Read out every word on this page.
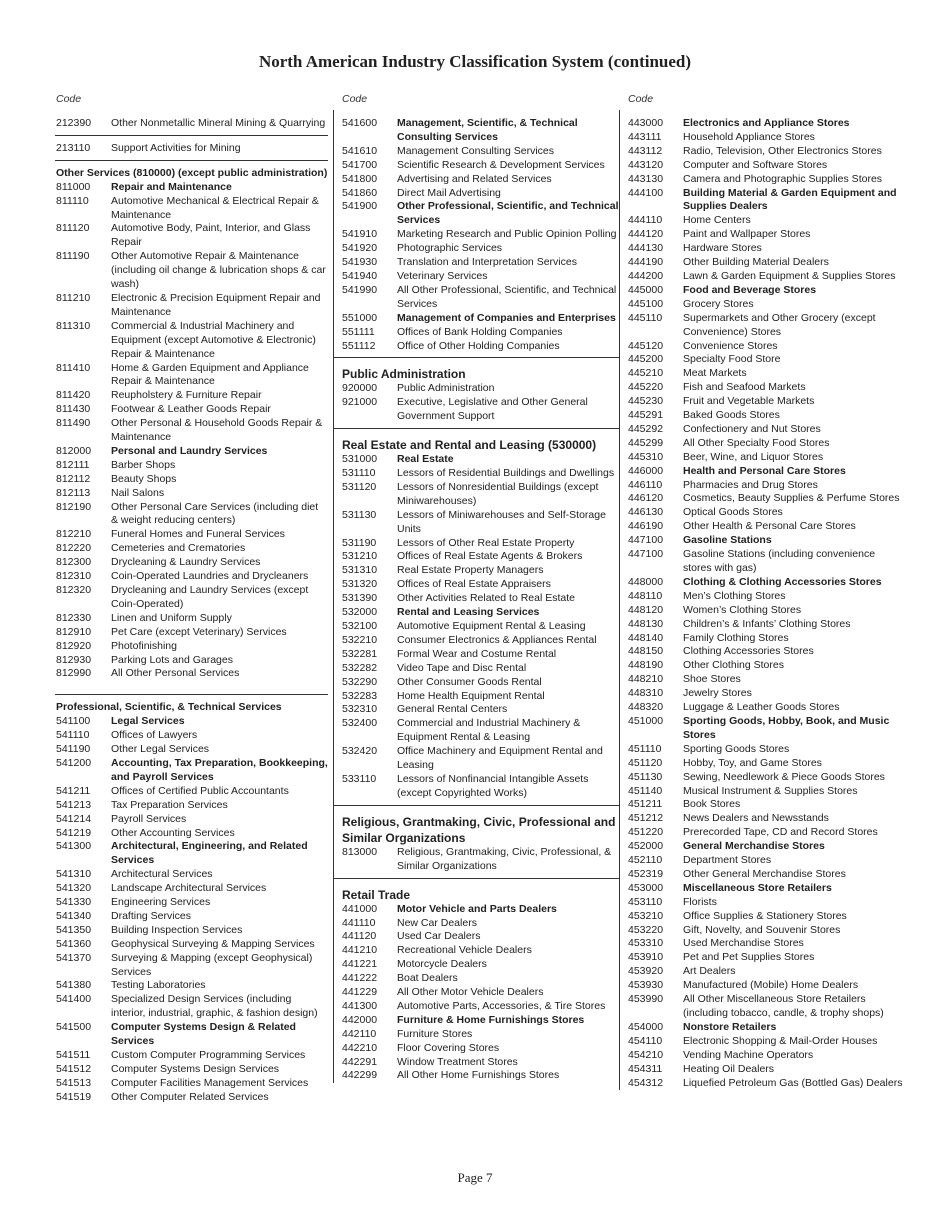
North American Industry Classification System (continued)
Code
212390	Other Nonmetallic Mineral Mining & Quarrying
213110	Support Activities for Mining
Other Services (810000) (except public administration)
811000	Repair and Maintenance
811110	Automotive Mechanical & Electrical Repair & Maintenance
811120	Automotive Body, Paint, Interior, and Glass Repair
811190	Other Automotive Repair & Maintenance (including oil change & lubrication shops & car wash)
811210	Electronic & Precision Equipment Repair and Maintenance
811310	Commercial & Industrial Machinery and Equipment (except Automotive & Electronic) Repair & Maintenance
811410	Home & Garden Equipment and Appliance Repair & Maintenance
811420	Reupholstery & Furniture Repair
811430	Footwear & Leather Goods Repair
811490	Other Personal & Household Goods Repair & Maintenance
812000	Personal and Laundry Services
812111	Barber Shops
812112	Beauty Shops
812113	Nail Salons
812190	Other Personal Care Services (including diet & weight reducing centers)
812210	Funeral Homes and Funeral Services
812220	Cemeteries and Crematories
812300	Drycleaning & Laundry Services
812310	Coin-Operated Laundries and Drycleaners
812320	Drycleaning and Laundry Services (except Coin-Operated)
812330	Linen and Uniform Supply
812910	Pet Care (except Veterinary) Services
812920	Photofinishing
812930	Parking Lots and Garages
812990	All Other Personal Services
Professional, Scientific, & Technical Services
541100	Legal Services
541110	Offices of Lawyers
541190	Other Legal Services
541200	Accounting, Tax Preparation, Bookkeeping, and Payroll Services
541211	Offices of Certified Public Accountants
541213	Tax Preparation Services
541214	Payroll Services
541219	Other Accounting Services
541300	Architectural, Engineering, and Related Services
541310	Architectural Services
541320	Landscape Architectural Services
541330	Engineering Services
541340	Drafting Services
541350	Building Inspection Services
541360	Geophysical Surveying & Mapping Services
541370	Surveying & Mapping (except Geophysical) Services
541380	Testing Laboratories
541400	Specialized Design Services (including interior, industrial, graphic, & fashion design)
541500	Computer Systems Design & Related Services
541511	Custom Computer Programming Services
541512	Computer Systems Design Services
541513	Computer Facilities Management Services
541519	Other Computer Related Services
Code
541600	Management, Scientific, & Technical Consulting Services
541610	Management Consulting Services
541700	Scientific Research & Development Services
541800	Advertising and Related Services
541860	Direct Mail Advertising
541900	Other Professional, Scientific, and Technical Services
541910	Marketing Research and Public Opinion Polling
541920	Photographic Services
541930	Translation and Interpretation Services
541940	Veterinary Services
541990	All Other Professional, Scientific, and Technical Services
551000	Management of Companies and Enterprises
551111	Offices of Bank Holding Companies
551112	Office of Other Holding Companies
Public Administration
920000	Public Administration
921000	Executive, Legislative and Other General Government Support
Real Estate and Rental and Leasing (530000)
531000	Real Estate
531110	Lessors of Residential Buildings and Dwellings
531120	Lessors of Nonresidential Buildings (except Miniwarehouses)
531130	Lessors of Miniwarehouses and Self-Storage Units
531190	Lessors of Other Real Estate Property
531210	Offices of Real Estate Agents & Brokers
531310	Real Estate Property Managers
531320	Offices of Real Estate Appraisers
531390	Other Activities Related to Real Estate
532000	Rental and Leasing Services
532100	Automotive Equipment Rental & Leasing
532210	Consumer Electronics & Appliances Rental
532281	Formal Wear and Costume Rental
532282	Video Tape and Disc Rental
532290	Other Consumer Goods Rental
532283	Home Health Equipment Rental
532310	General Rental Centers
532400	Commercial and Industrial Machinery & Equipment Rental & Leasing
532420	Office Machinery and Equipment Rental and Leasing
533110	Lessors of Nonfinancial Intangible Assets (except Copyrighted Works)
Religious, Grantmaking, Civic, Professional and Similar Organizations
813000	Religious, Grantmaking, Civic, Professional, & Similar Organizations
Retail Trade
441000	Motor Vehicle and Parts Dealers
441110	New Car Dealers
441120	Used Car Dealers
441210	Recreational Vehicle Dealers
441221	Motorcycle Dealers
441222	Boat Dealers
441229	All Other Motor Vehicle Dealers
441300	Automotive Parts, Accessories, & Tire Stores
442000	Furniture & Home Furnishings Stores
442110	Furniture Stores
442210	Floor Covering Stores
442291	Window Treatment Stores
442299	All Other Home Furnishings Stores
Code
443000	Electronics and Appliance Stores
443111	Household Appliance Stores
443112	Radio, Television, Other Electronics Stores
443120	Computer and Software Stores
443130	Camera and Photographic Supplies Stores
444100	Building Material & Garden Equipment and Supplies Dealers
444110	Home Centers
444120	Paint and Wallpaper Stores
444130	Hardware Stores
444190	Other Building Material Dealers
444200	Lawn & Garden Equipment & Supplies Stores
445000	Food and Beverage Stores
445100	Grocery Stores
445110	Supermarkets and Other Grocery (except Convenience) Stores
445120	Convenience Stores
445200	Specialty Food Store
445210	Meat Markets
445220	Fish and Seafood Markets
445230	Fruit and Vegetable Markets
445291	Baked Goods Stores
445292	Confectionery and Nut Stores
445299	All Other Specialty Food Stores
445310	Beer, Wine, and Liquor Stores
446000	Health and Personal Care Stores
446110	Pharmacies and Drug Stores
446120	Cosmetics, Beauty Supplies & Perfume Stores
446130	Optical Goods Stores
446190	Other Health & Personal Care Stores
447100	Gasoline Stations
447100	Gasoline Stations (including convenience stores with gas)
448000	Clothing & Clothing Accessories Stores
448110	Men’s Clothing Stores
448120	Women’s Clothing Stores
448130	Children’s & Infants’ Clothing Stores
448140	Family Clothing Stores
448150	Clothing Accessories Stores
448190	Other Clothing Stores
448210	Shoe Stores
448310	Jewelry Stores
448320	Luggage & Leather Goods Stores
451000	Sporting Goods, Hobby, Book, and Music Stores
451110	Sporting Goods Stores
451120	Hobby, Toy, and Game Stores
451130	Sewing, Needlework & Piece Goods Stores
451140	Musical Instrument & Supplies Stores
451211	Book Stores
451212	News Dealers and Newsstands
451220	Prerecorded Tape, CD and Record Stores
452000	General Merchandise Stores
452110	Department Stores
452319	Other General Merchandise Stores
453000	Miscellaneous Store Retailers
453110	Florists
453210	Office Supplies & Stationery Stores
453220	Gift, Novelty, and Souvenir Stores
453310	Used Merchandise Stores
453910	Pet and Pet Supplies Stores
453920	Art Dealers
453930	Manufactured (Mobile) Home Dealers
453990	All Other Miscellaneous Store Retailers (including tobacco, candle, & trophy shops)
454000	Nonstore Retailers
454110	Electronic Shopping & Mail-Order Houses
454210	Vending Machine Operators
454311	Heating Oil Dealers
454312	Liquefied Petroleum Gas (Bottled Gas) Dealers
Page 7
